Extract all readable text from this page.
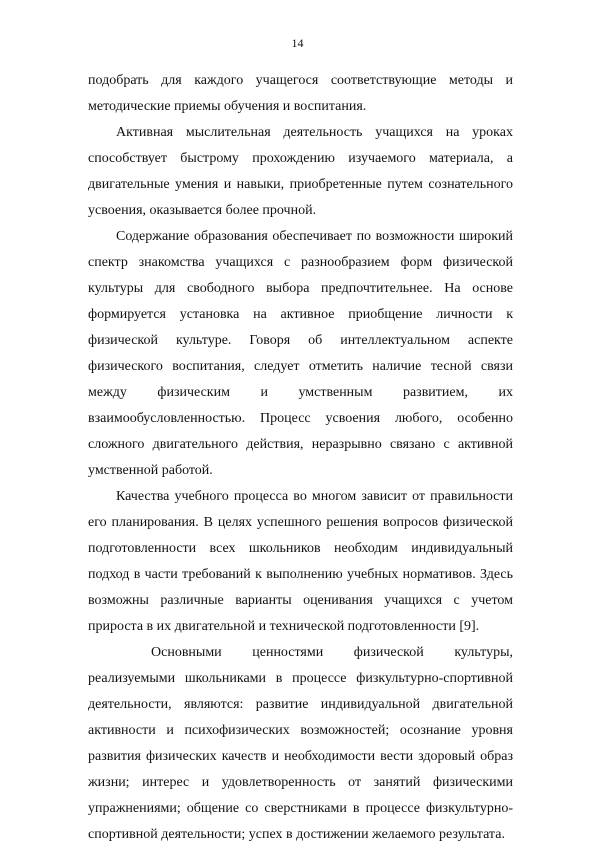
14

подобрать для каждого учащегося соответствующие методы и методические приемы обучения и воспитания.

Активная мыслительная деятельность учащихся на уроках способствует быстрому прохождению изучаемого материала, а двигательные умения и навыки, приобретенные путем сознательного усвоения, оказывается более прочной.

Содержание образования обеспечивает по возможности широкий спектр знакомства учащихся с разнообразием форм физической культуры для свободного выбора предпочтительнее. На основе формируется установка на активное приобщение личности к физической культуре. Говоря об интеллектуальном аспекте физического воспитания, следует отметить наличие тесной связи между физическим и умственным развитием, их взаимообусловленностью. Процесс усвоения любого, особенно сложного двигательного действия, неразрывно связано с активной умственной работой.

Качества учебного процесса во многом зависит от правильности его планирования. В целях успешного решения вопросов физической подготовленности всех школьников необходим индивидуальный подход в части требований к выполнению учебных нормативов. Здесь возможны различные варианты оценивания учащихся с учетом прироста в их двигательной и технической подготовленности [9].

Основными ценностями физической культуры, реализуемыми школьниками в процессе физкультурно-спортивной деятельности, являются: развитие индивидуальной двигательной активности и психофизических возможностей; осознание уровня развития физических качеств и необходимости вести здоровый образ жизни; интерес и удовлетворенность от занятий физическими упражнениями; общение со сверстниками в процессе физкультурно-спортивной деятельности; успех в достижении желаемого результата.
